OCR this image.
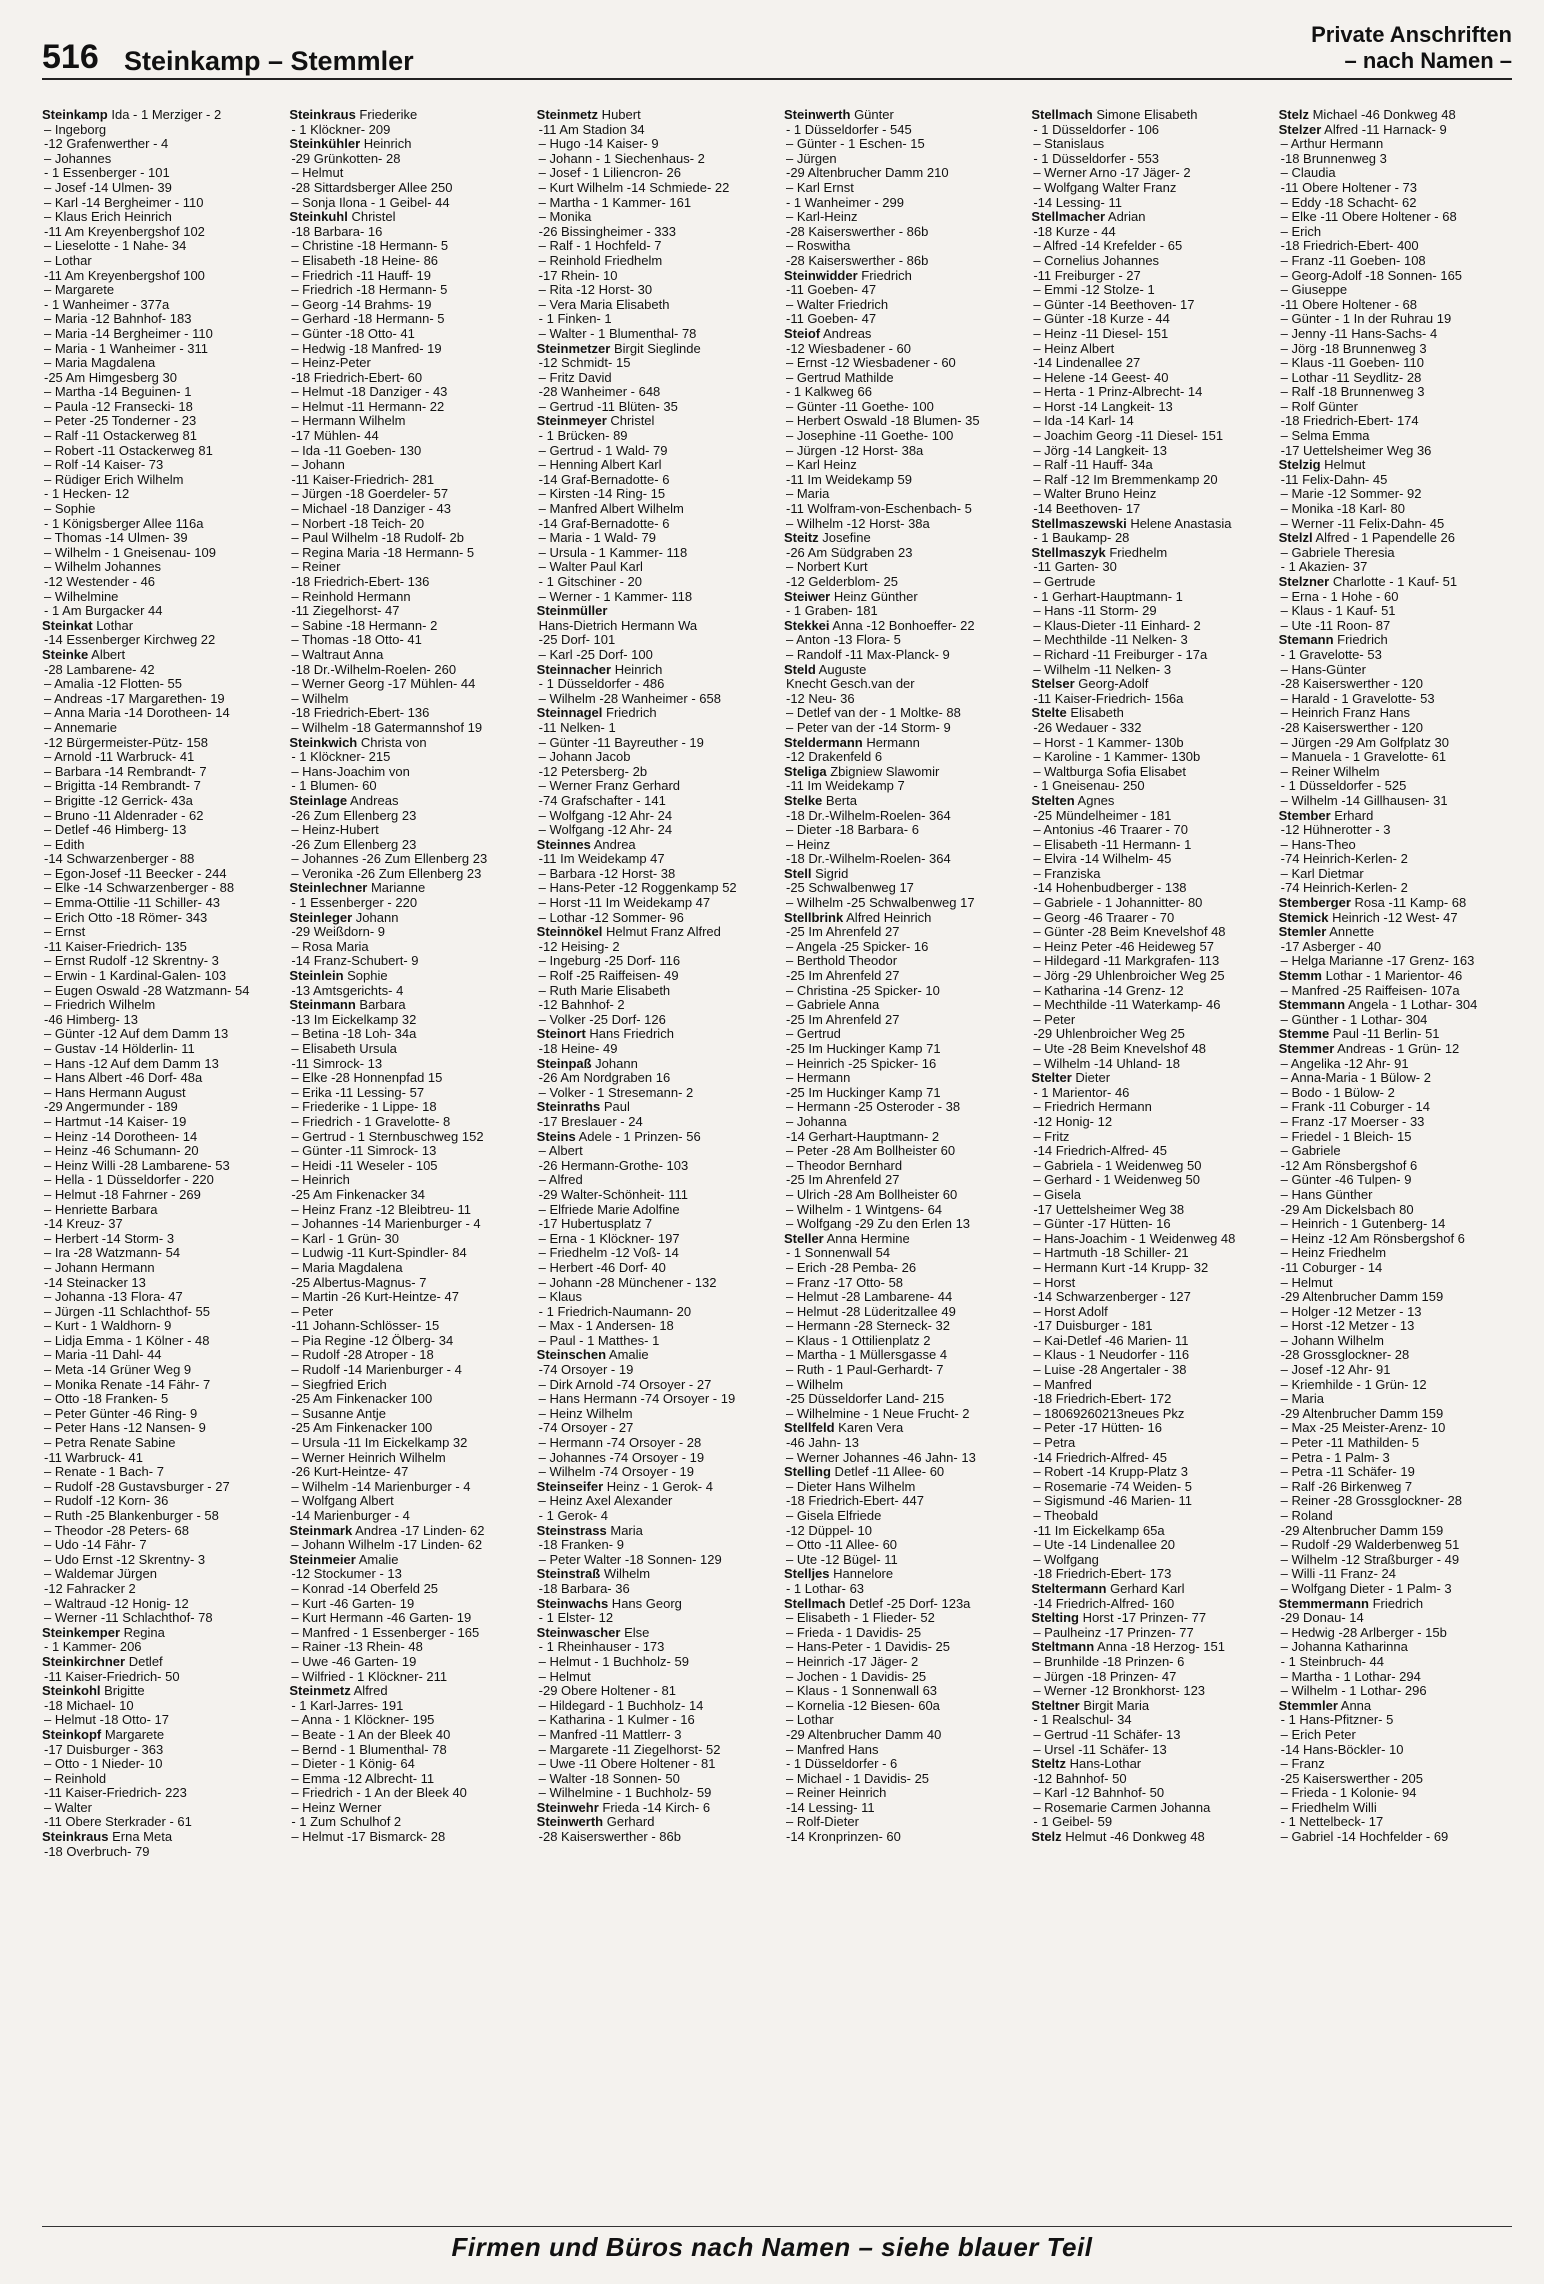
516 Steinkamp – Stemmler
Private Anschriften
– nach Namen –
Steinkamp Ida - 1 Merziger - 2
– Ingeborg
-12 Grafenwerther - 4
– Johannes
- 1 Essenberger - 101
– Josef -14 Ulmen- 39
– Karl -14 Bergheimer - 110
– Klaus Erich Heinrich
-11 Am Kreyenbergshof 102
– Lieselotte - 1 Nahe- 34
– Lothar
-11 Am Kreyenbergshof 100
– Margarete
- 1 Wanheimer - 377a
– Maria -12 Bahnhof- 183
– Maria -14 Bergheimer - 110
– Maria - 1 Wanheimer - 311
– Maria Magdalena
-25 Am Himgesberg 30
– Martha -14 Beguinen- 1
– Paula -12 Fransecki- 18
– Peter -25 Tonderner - 23
– Ralf -11 Ostackerweg 81
– Robert -11 Ostackerweg 81
– Rolf -14 Kaiser- 73
– Rüdiger Erich Wilhelm
- 1 Hecken- 12
– Sophie
- 1 Königsberger Allee 116a
– Thomas -14 Ulmen- 39
– Wilhelm - 1 Gneisenau- 109
– Wilhelm Johannes
-12 Westender - 46
– Wilhelmine
- 1 Am Burgacker 44
Steinkat Lothar
-14 Essenberger Kirchweg 22
Steinke Albert
-28 Lambarene- 42
– Amalia -12 Flotten- 55
– Andreas -17 Margarethen- 19
– Anna Maria -14 Dorotheen- 14
– Annemarie
-12 Bürgermeister-Pütz- 158
– Arnold -11 Warbruck- 41
– Barbara -14 Rembrandt- 7
– Brigitta -14 Rembrandt- 7
– Brigitte -12 Gerrick- 43a
– Bruno -11 Aldenrader - 62
– Detlef -46 Himberg- 13
– Edith
-14 Schwarzenberger - 88
– Egon-Josef -11 Beecker - 244
– Elke -14 Schwarzenberger - 88
– Emma-Ottilie -11 Schiller- 43
– Erich Otto -18 Römer- 343
– Ernst
-11 Kaiser-Friedrich- 135
– Ernst Rudolf -12 Skrentny- 3
– Erwin - 1 Kardinal-Galen- 103
– Eugen Oswald -28 Watzmann- 54
– Friedrich Wilhelm
-46 Himberg- 13
– Günter -12 Auf dem Damm 13
– Gustav -14 Hölderlin- 11
– Hans -12 Auf dem Damm 13
– Hans Albert -46 Dorf- 48a
– Hans Hermann August
-29 Angermunder - 189
– Hartmut -14 Kaiser- 19
– Heinz -14 Dorotheen- 14
– Heinz -46 Schumann- 20
– Heinz Willi -28 Lambarene- 53
– Hella - 1 Düsseldorfer - 220
– Helmut -18 Fahrner - 269
– Henriette Barbara
-14 Kreuz- 37
– Herbert -14 Storm- 3
– Ira -28 Watzmann- 54
– Johann Hermann
-14 Steinacker 13
– Johanna -13 Flora- 47
– Jürgen -11 Schlachthof- 55
– Kurt - 1 Waldhorn- 9
– Lidja Emma - 1 Kölner - 48
– Maria -11 Dahl- 44
– Meta -14 Grüner Weg 9
– Monika Renate -14 Fähr- 7
– Otto -18 Franken- 5
– Peter Günter -46 Ring- 9
– Peter Hans -12 Nansen- 9
– Petra Renate Sabine
-11 Warbruck- 41
– Renate - 1 Bach- 7
– Rudolf -28 Gustavsburger - 27
– Rudolf -12 Korn- 36
– Ruth -25 Blankenburger - 58
– Theodor -28 Peters- 68
– Udo -14 Fähr- 7
– Udo Ernst -12 Skrentny- 3
– Waldemar Jürgen
-12 Fahracker 2
– Waltraud -12 Honig- 12
– Werner -11 Schlachthof- 78
Steinkemper Regina
- 1 Kammer- 206
Steinkirchner Detlef
-11 Kaiser-Friedrich- 50
Steinkohl Brigitte
-18 Michael- 10
– Helmut -18 Otto- 17
Steinkopf Margarete
-17 Duisburger - 363
– Otto - 1 Nieder- 10
– Reinhold
-11 Kaiser-Friedrich- 223
– Walter
-11 Obere Sterkrader - 61
Steinkraus Erna Meta
-18 Overbruch- 79
Steinkraus Friederike
- 1 Klöckner- 209
Steinkühler Heinrich
-29 Grünkotten- 28
– Helmut
-28 Sittardsberger Allee 250
– Sonja Ilona - 1 Geibel- 44
Steinkuhl Christel
-18 Barbara- 16
– Christine -18 Hermann- 5
– Elisabeth -18 Heine- 86
– Friedrich -11 Hauff- 19
– Friedrich -18 Hermann- 5
– Georg -14 Brahms- 19
– Gerhard -18 Hermann- 5
– Günter -18 Otto- 41
– Hedwig -18 Manfred- 19
– Heinz-Peter
-18 Friedrich-Ebert- 60
– Helmut -18 Danziger - 43
– Helmut -11 Hermann- 22
– Hermann Wilhelm
-17 Mühlen- 44
– Ida -11 Goeben- 130
– Johann
-11 Kaiser-Friedrich- 281
– Jürgen -18 Goerdeler- 57
– Michael -18 Danziger - 43
– Norbert -18 Teich- 20
– Paul Wilhelm -18 Rudolf- 2b
– Regina Maria -18 Hermann- 5
– Reiner
-18 Friedrich-Ebert- 136
– Reinhold Hermann
-11 Ziegelhorst- 47
– Sabine -18 Hermann- 2
– Thomas -18 Otto- 41
– Waltraut Anna
-18 Dr.-Wilhelm-Roelen- 260
– Werner Georg -17 Mühlen- 44
– Wilhelm
-18 Friedrich-Ebert- 136
– Wilhelm -18 Gatermannshof 19
Steinkwich Christa von
- 1 Klöckner- 215
– Hans-Joachim von
- 1 Blumen- 60
Steinlage Andreas
-26 Zum Ellenberg 23
– Heinz-Hubert
-26 Zum Ellenberg 23
– Johannes -26 Zum Ellenberg 23
– Veronika -26 Zum Ellenberg 23
Steinlechner Marianne
- 1 Essenberger - 220
Steinleger Johann
-29 Weißdorn- 9
– Rosa Maria
-14 Franz-Schubert- 9
Steinlein Sophie
-13 Amtsgerichts- 4
Steinmann Barbara
-13 Im Eickelkamp 32
– Betina -18 Loh- 34a
– Elisabeth Ursula
-11 Simrock- 13
– Elke -28 Honnenpfad 15
– Erika -11 Lessing- 57
– Friederike - 1 Lippe- 18
– Friedrich - 1 Gravelotte- 8
– Gertrud - 1 Sternbuschweg 152
– Günter -11 Simrock- 13
– Heidi -11 Weseler - 105
– Heinrich
-25 Am Finkenacker 34
– Heinz Franz -12 Bleibtreu- 11
– Johannes -14 Marienburger - 4
– Karl - 1 Grün- 30
– Ludwig -11 Kurt-Spindler- 84
– Maria Magdalena
-25 Albertus-Magnus- 7
– Martin -26 Kurt-Heintze- 47
– Peter
-11 Johann-Schlösser- 15
– Pia Regine -12 Ölberg- 34
– Rudolf -28 Atroper - 18
– Rudolf -14 Marienburger - 4
– Siegfried Erich
-25 Am Finkenacker 100
– Susanne Antje
-25 Am Finkenacker 100
– Ursula -11 Im Eickelkamp 32
– Werner Heinrich Wilhelm
-26 Kurt-Heintze- 47
– Wilhelm -14 Marienburger - 4
– Wolfgang Albert
-14 Marienburger - 4
Steinmark Andrea -17 Linden- 62
– Johann Wilhelm -17 Linden- 62
Steinmeier Amalie
-12 Stockumer - 13
– Konrad -14 Oberfeld 25
– Kurt -46 Garten- 19
– Kurt Hermann -46 Garten- 19
– Manfred - 1 Essenberger - 165
– Rainer -13 Rhein- 48
– Uwe -46 Garten- 19
– Wilfried - 1 Klöckner- 211
Steinmetz Alfred
- 1 Karl-Jarres- 191
– Anna - 1 Klöckner- 195
– Beate - 1 An der Bleek 40
– Bernd - 1 Blumenthal- 78
– Dieter - 1 König- 64
– Emma -12 Albrecht- 11
– Friedrich - 1 An der Bleek 40
– Heinz Werner
- 1 Zum Schulhof 2
– Helmut -17 Bismarck- 28
Steinmetz Hubert
-11 Am Stadion 34
– Hugo -14 Kaiser- 9
– Johann - 1 Siechenhaus- 2
– Josef - 1 Liliencron- 26
– Kurt Wilhelm -14 Schmiede- 22
– Martha - 1 Kammer- 161
– Monika
-26 Bissingheimer - 333
– Ralf - 1 Hochfeld- 7
– Reinhold Friedhelm
-17 Rhein- 10
– Rita -12 Horst- 30
– Vera Maria Elisabeth
- 1 Finken- 1
– Walter - 1 Blumenthal- 78
Steinmetzer Birgit Sieglinde
-12 Schmidt- 15
– Fritz David
-28 Wanheimer - 648
– Gertrud -11 Blüten- 35
Steinmeyer Christel
- 1 Brücken- 89
– Gertrud - 1 Wald- 79
– Henning Albert Karl
-14 Graf-Bernadotte- 6
– Kirsten -14 Ring- 15
– Manfred Albert Wilhelm
-14 Graf-Bernadotte- 6
– Maria - 1 Wald- 79
– Ursula - 1 Kammer- 118
– Walter Paul Karl
- 1 Gitschiner - 20
– Werner - 1 Kammer- 118
Steinmüller
Hans-Dietrich Hermann Wa
-25 Dorf- 101
– Karl -25 Dorf- 100
Steinnacher Heinrich
- 1 Düsseldorfer - 486
– Wilhelm -28 Wanheimer - 658
Steinnagel Friedrich
-11 Nelken- 1
– Günter -11 Bayreuther - 19
– Johann Jacob
-12 Petersberg- 2b
– Werner Franz Gerhard
-74 Grafschafter - 141
– Wolfgang -12 Ahr- 24
– Wolfgang -12 Ahr- 24
Steinnes Andrea
-11 Im Weidekamp 47
– Barbara -12 Horst- 38
– Hans-Peter -12 Roggenkamp 52
– Horst -11 Im Weidekamp 47
– Lothar -12 Sommer- 96
Steinnökel Helmut Franz Alfred
-12 Heising- 2
– Ingeburg -25 Dorf- 116
– Rolf -25 Raiffeisen- 49
– Ruth Marie Elisabeth
-12 Bahnhof- 2
– Volker -25 Dorf- 126
Steinort Hans Friedrich
-18 Heine- 49
Steinpaß Johann
-26 Am Nordgraben 16
– Volker - 1 Stresemann- 2
Steinraths Paul
-17 Breslauer - 24
Steins Adele - 1 Prinzen- 56
– Albert
-26 Hermann-Grothe- 103
– Alfred
-29 Walter-Schönheit- 111
– Elfriede Marie Adolfine
-17 Hubertusplatz 7
– Erna - 1 Klöckner- 197
– Friedhelm -12 Voß- 14
– Herbert -46 Dorf- 40
– Johann -28 Münchener - 132
– Klaus
- 1 Friedrich-Naumann- 20
– Max - 1 Andersen- 18
– Paul - 1 Matthes- 1
Steinschen Amalie
-74 Orsoyer - 19
– Dirk Arnold -74 Orsoyer - 27
– Hans Hermann -74 Orsoyer - 19
– Heinz Wilhelm
-74 Orsoyer - 27
– Hermann -74 Orsoyer - 28
– Johannes -74 Orsoyer - 19
– Wilhelm -74 Orsoyer - 19
Steinseifer Heinz - 1 Gerok- 4
– Heinz Axel Alexander
- 1 Gerok- 4
Steinstrass Maria
-18 Franken- 9
– Peter Walter -18 Sonnen- 129
Steinstraß Wilhelm
-18 Barbara- 36
Steinwachs Hans Georg
- 1 Elster- 12
Steinwascher Else
- 1 Rheinhauser - 173
– Helmut - 1 Buchholz- 59
– Helmut
-29 Obere Holtener - 81
– Hildegard - 1 Buchholz- 14
– Katharina - 1 Kulmer - 16
– Manfred -11 Mattlerr- 3
– Margarete -11 Ziegelhorst- 52
– Uwe -11 Obere Holtener - 81
– Walter -18 Sonnen- 50
– Wilhelmine - 1 Buchholz- 59
Steinwehr Frieda -14 Kirch- 6
Steinwerth Gerhard
-28 Kaiserswerther - 86b
Steinwerth Günter
- 1 Düsseldorfer - 545
– Günter - 1 Eschen- 15
– Jürgen
-29 Altenbrucher Damm 210
– Karl Ernst
- 1 Wanheimer - 299
– Karl-Heinz
-28 Kaiserswerther - 86b
– Roswitha
-28 Kaiserswerther - 86b
Steinwidder Friedrich
-11 Goeben- 47
– Walter Friedrich
-11 Goeben- 47
Steiof Andreas
-12 Wiesbadener - 60
– Ernst -12 Wiesbadener - 60
– Gertrud Mathilde
- 1 Kalkweg 66
– Günter -11 Goethe- 100
– Herbert Oswald -18 Blumen- 35
– Josephine -11 Goethe- 100
– Jürgen -12 Horst- 38a
– Karl Heinz
-11 Im Weidekamp 59
– Maria
-11 Wolfram-von-Eschenbach- 5
– Wilhelm -12 Horst- 38a
Steitz Josefine
-26 Am Südgraben 23
– Norbert Kurt
-12 Gelderblom- 25
Steiwer Heinz Günther
- 1 Graben- 181
Stekkei Anna -12 Bonhoeffer- 22
– Anton -13 Flora- 5
– Randolf -11 Max-Planck- 9
Steld Auguste
Knecht Gesch.van der
-12 Neu- 36
– Detlef van der - 1 Moltke- 88
– Peter van der -14 Storm- 9
Steldermann Hermann
-12 Drakenfeld 6
Steliga Zbigniew Slawomir
-11 Im Weidekamp 7
Stelke Berta
-18 Dr.-Wilhelm-Roelen- 364
– Dieter -18 Barbara- 6
– Heinz
-18 Dr.-Wilhelm-Roelen- 364
Stell Sigrid
-25 Schwalbenweg 17
– Wilhelm -25 Schwalbenweg 17
Stellbrink Alfred Heinrich
-25 Im Ahrenfeld 27
– Angela -25 Spicker- 16
– Berthold Theodor
-25 Im Ahrenfeld 27
– Christina -25 Spicker- 10
– Gabriele Anna
-25 Im Ahrenfeld 27
– Gertrud
-25 Im Huckinger Kamp 71
– Heinrich -25 Spicker- 16
– Hermann
-25 Im Huckinger Kamp 71
– Hermann -25 Osteroder - 38
– Johanna
-14 Gerhart-Hauptmann- 2
– Peter -28 Am Bollheister 60
– Theodor Bernhard
-25 Im Ahrenfeld 27
– Ulrich -28 Am Bollheister 60
– Wilhelm - 1 Wintgens- 64
– Wolfgang -29 Zu den Erlen 13
Steller Anna Hermine
- 1 Sonnenwall 54
– Erich -28 Pemba- 26
– Franz -17 Otto- 58
– Helmut -28 Lambarene- 44
– Helmut -28 Lüderitzallee 49
– Hermann -28 Sterneck- 32
– Klaus - 1 Ottilienplatz 2
– Martha - 1 Müllersgasse 4
– Ruth - 1 Paul-Gerhardt- 7
– Wilhelm
-25 Düsseldorfer Land- 215
– Wilhelmine - 1 Neue Frucht- 2
Stellfeld Karen Vera
-46 Jahn- 13
– Werner Johannes -46 Jahn- 13
Stelling Detlef -11 Allee- 60
– Dieter Hans Wilhelm
-18 Friedrich-Ebert- 447
– Gisela Elfriede
-12 Düppel- 10
– Otto -11 Allee- 60
– Ute -12 Bügel- 11
Stelljes Hannelore
- 1 Lothar- 63
Stellmach Detlef -25 Dorf- 123a
– Elisabeth - 1 Flieder- 52
– Frieda - 1 Davidis- 25
– Hans-Peter - 1 Davidis- 25
– Heinrich -17 Jäger- 2
– Jochen - 1 Davidis- 25
– Klaus - 1 Sonnenwall 63
– Kornelia -12 Biesen- 60a
– Lothar
-29 Altenbrucher Damm 40
– Manfred Hans
- 1 Düsseldorfer - 6
– Michael - 1 Davidis- 25
– Reiner Heinrich
-14 Lessing- 11
– Rolf-Dieter
-14 Kronprinzen- 60
Stellmach Simone Elisabeth
- 1 Düsseldorfer - 106
– Stanislaus
- 1 Düsseldorfer - 553
– Werner Arno -17 Jäger- 2
– Wolfgang Walter Franz
-14 Lessing- 11
Stellmacher Adrian
-18 Kurze - 44
– Alfred -14 Krefelder - 65
– Cornelius Johannes
-11 Freiburger - 27
– Emmi -12 Stolze- 1
– Günter -14 Beethoven- 17
– Günter -18 Kurze - 44
– Heinz -11 Diesel- 151
– Heinz Albert
-14 Lindenallee 27
– Helene -14 Geest- 40
– Herta - 1 Prinz-Albrecht- 14
– Horst -14 Langkeit- 13
– Ida -14 Karl- 14
– Joachim Georg -11 Diesel- 151
– Jörg -14 Langkeit- 13
– Ralf -11 Hauff- 34a
– Ralf -12 Im Bremmenkamp 20
– Walter Bruno Heinz
-14 Beethoven- 17
Stellmaszewski Helene Anastasia
- 1 Baukamp- 28
Stellmaszyk Friedhelm
-11 Garten- 30
– Gertrude
- 1 Gerhart-Hauptmann- 1
– Hans -11 Storm- 29
– Klaus-Dieter -11 Einhard- 2
– Mechthilde -11 Nelken- 3
– Richard -11 Freiburger - 17a
– Wilhelm -11 Nelken- 3
Stelser Georg-Adolf
-11 Kaiser-Friedrich- 156a
Stelte Elisabeth
-26 Wedauer - 332
– Horst - 1 Kammer- 130b
– Karoline - 1 Kammer- 130b
– Waltburga Sofia Elisabet
- 1 Gneisenau- 250
Stelten Agnes
-25 Mündelheimer - 181
– Antonius -46 Traarer - 70
– Elisabeth -11 Hermann- 1
– Elvira -14 Wilhelm- 45
– Franziska
-14 Hohenbudberger - 138
– Gabriele - 1 Johannitter- 80
– Georg -46 Traarer - 70
– Günter -28 Beim Knevelshof 48
– Heinz Peter -46 Heideweg 57
– Hildegard -11 Markgrafen- 113
– Jörg -29 Uhlenbroicher Weg 25
– Katharina -14 Grenz- 12
– Mechthilde -11 Waterkamp- 46
– Peter
-29 Uhlenbroicher Weg 25
– Ute -28 Beim Knevelshof 48
– Wilhelm -14 Uhland- 18
Stelter Dieter
- 1 Marientor- 46
– Friedrich Hermann
-12 Honig- 12
– Fritz
-14 Friedrich-Alfred- 45
– Gabriela - 1 Weidenweg 50
– Gerhard - 1 Weidenweg 50
– Gisela
-17 Uettelsheimer Weg 38
– Günter -17 Hütten- 16
– Hans-Joachim - 1 Weidenweg 48
– Hartmuth -18 Schiller- 21
– Hermann Kurt -14 Krupp- 32
– Horst
-14 Schwarzenberger - 127
– Horst Adolf
-17 Duisburger - 181
– Kai-Detlef -46 Marien- 11
– Klaus - 1 Neudorfer - 116
– Luise -28 Angertaler - 38
– Manfred
-18 Friedrich-Ebert- 172
– 18069260213neues Pkz
– Peter -17 Hütten- 16
– Petra
-14 Friedrich-Alfred- 45
– Robert -14 Krupp-Platz 3
– Rosemarie -74 Weiden- 5
– Sigismund -46 Marien- 11
– Theobald
-11 Im Eickelkamp 65a
– Ute -14 Lindenallee 20
– Wolfgang
-18 Friedrich-Ebert- 173
Steltermann Gerhard Karl
-14 Friedrich-Alfred- 160
Stelting Horst -17 Prinzen- 77
– Paulheinz -17 Prinzen- 77
Steltmann Anna -18 Herzog- 151
– Brunhilde -18 Prinzen- 6
– Jürgen -18 Prinzen- 47
– Werner -12 Bronkhorst- 123
Steltner Birgit Maria
- 1 Realschul- 34
– Gertrud -11 Schäfer- 13
– Ursel -11 Schäfer- 13
Steltz Hans-Lothar
-12 Bahnhof- 50
– Karl -12 Bahnhof- 50
– Rosemarie Carmen Johanna
- 1 Geibel- 59
Stelz Helmut -46 Donkweg 48
Stelz Michael -46 Donkweg 48
Stelzer Alfred -11 Harnack- 9
– Arthur Hermann
-18 Brunnenweg 3
– Claudia
-11 Obere Holtener - 73
– Eddy -18 Schacht- 62
– Elke -11 Obere Holtener - 68
– Erich
-18 Friedrich-Ebert- 400
– Franz -11 Goeben- 108
– Georg-Adolf -18 Sonnen- 165
– Giuseppe
-11 Obere Holtener - 68
– Günter - 1 In der Ruhrau 19
– Jenny -11 Hans-Sachs- 4
– Jörg -18 Brunnenweg 3
– Klaus -11 Goeben- 110
– Lothar -11 Seydlitz- 28
– Ralf -18 Brunnenweg 3
– Rolf Günter
-18 Friedrich-Ebert- 174
– Selma Emma
-17 Uettelsheimer Weg 36
Stelzig Helmut
-11 Felix-Dahn- 45
– Marie -12 Sommer- 92
– Monika -18 Karl- 80
– Werner -11 Felix-Dahn- 45
Stelzl Alfred - 1 Papendelle 26
– Gabriele Theresia
- 1 Akazien- 37
Stelzner Charlotte - 1 Kauf- 51
– Erna - 1 Hohe - 60
– Klaus - 1 Kauf- 51
– Ute -11 Roon- 87
Stemann Friedrich
- 1 Gravelotte- 53
– Hans-Günter
-28 Kaiserswerther - 120
– Harald - 1 Gravelotte- 53
– Heinrich Franz Hans
-28 Kaiserswerther - 120
– Jürgen -29 Am Golfplatz 30
– Manuela - 1 Gravelotte- 61
– Reiner Wilhelm
- 1 Düsseldorfer - 525
– Wilhelm -14 Gillhausen- 31
Stember Erhard
-12 Hühnerotter - 3
– Hans-Theo
-74 Heinrich-Kerlen- 2
– Karl Dietmar
-74 Heinrich-Kerlen- 2
Stemberger Rosa -11 Kamp- 68
Stemick Heinrich -12 West- 47
Stemler Annette
-17 Asberger - 40
– Helga Marianne -17 Grenz- 163
Stemm Lothar - 1 Marientor- 46
– Manfred -25 Raiffeisen- 107a
Stemmann Angela - 1 Lothar- 304
– Günther - 1 Lothar- 304
Stemme Paul -11 Berlin- 51
Stemmer Andreas - 1 Grün- 12
– Angelika -12 Ahr- 91
– Anna-Maria - 1 Bülow- 2
– Bodo - 1 Bülow- 2
– Frank -11 Coburger - 14
– Franz -17 Moerser - 33
– Friedel - 1 Bleich- 15
– Gabriele
-12 Am Rönsbergshof 6
– Günter -46 Tulpen- 9
– Hans Günther
-29 Am Dickelsbach 80
– Heinrich - 1 Gutenberg- 14
– Heinz -12 Am Rönsbergshof 6
– Heinz Friedhelm
-11 Coburger - 14
– Helmut
-29 Altenbrucher Damm 159
– Holger -12 Metzer - 13
– Horst -12 Metzer - 13
– Johann Wilhelm
-28 Grossglockner- 28
– Josef -12 Ahr- 91
– Kriemhilde - 1 Grün- 12
– Maria
-29 Altenbrucher Damm 159
– Max -25 Meister-Arenz- 10
– Peter -11 Mathilden- 5
– Petra - 1 Palm- 3
– Petra -11 Schäfer- 19
– Ralf -26 Birkenweg 7
– Reiner -28 Grossglockner- 28
– Roland
-29 Altenbrucher Damm 159
– Rudolf -29 Walderbenweg 51
– Wilhelm -12 Straßburger - 49
– Willi -11 Franz- 24
– Wolfgang Dieter - 1 Palm- 3
Stemmermann Friedrich
-29 Donau- 14
– Hedwig -28 Arlberger - 15b
– Johanna Katharinna
- 1 Steinbruch- 44
– Martha - 1 Lothar- 294
– Wilhelm - 1 Lothar- 296
Stemmler Anna
- 1 Hans-Pfitzner- 5
– Erich Peter
-14 Hans-Böckler- 10
– Franz
-25 Kaiserswerther - 205
– Frieda - 1 Kolonie- 94
– Friedhelm Willi
- 1 Nettelbeck- 17
– Gabriel -14 Hochfelder - 69
Firmen und Büros nach Namen – siehe blauer Teil
